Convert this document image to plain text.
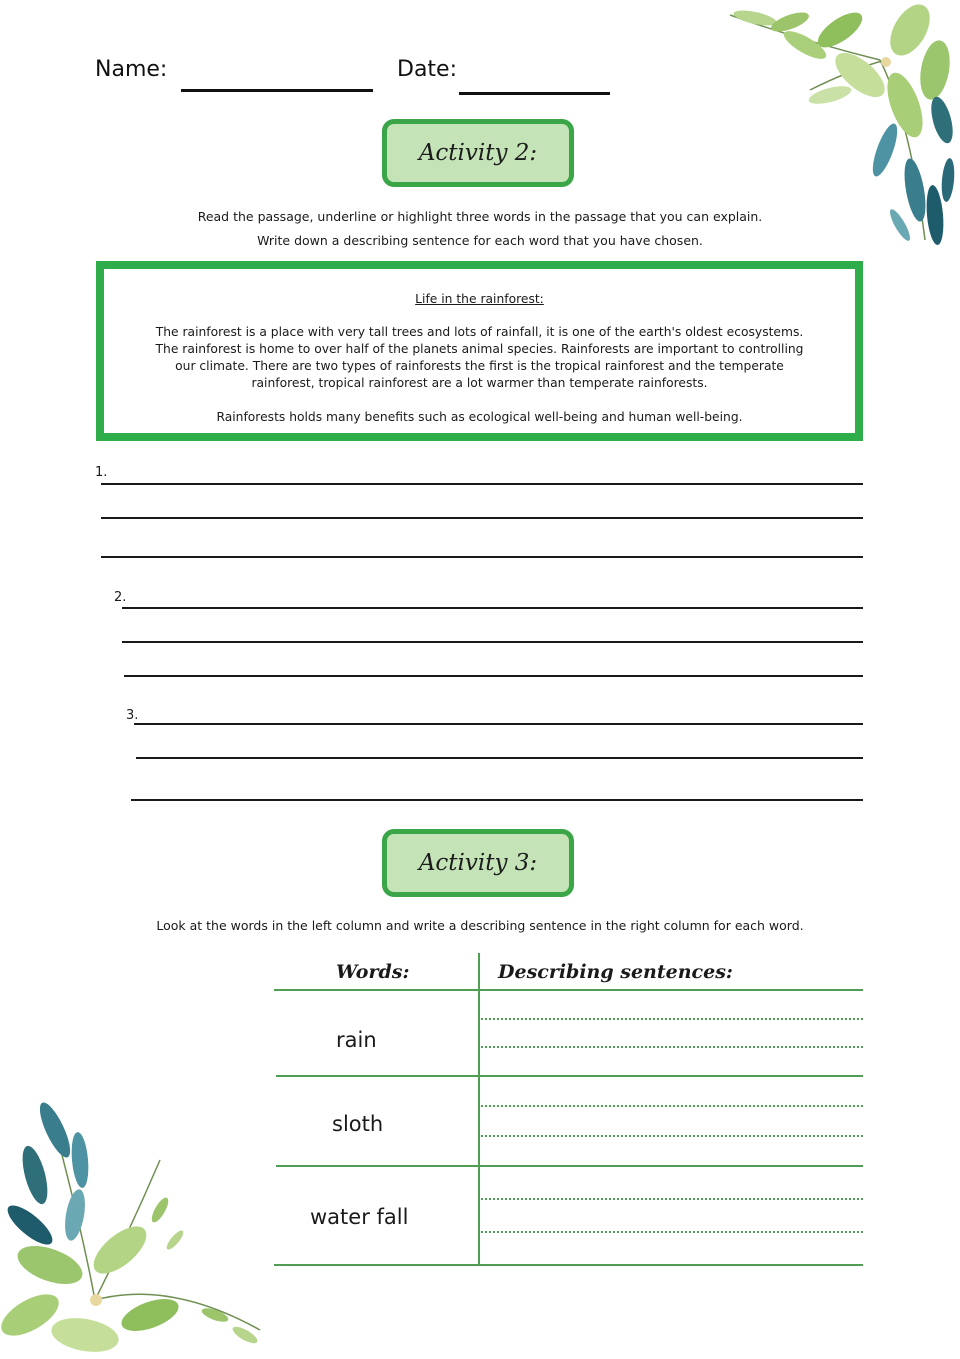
Name:	Date:
Activity 2:
Read the passage, underline or highlight three words in the passage that you can explain.
Write down a describing sentence for each word that you have chosen.
Life in the rainforest:
The rainforest is a place with very tall trees and lots of rainfall, it is one of the earth's oldest ecosystems. The rainforest is home to over half of the planets animal species. Rainforests are important to controlling our climate. There are two types of rainforests the first is the tropical rainforest and the temperate rainforest, tropical rainforest are a lot warmer than temperate rainforests.
Rainforests holds many benefits such as ecological well-being and human well-being.
1.
2.
3.
Activity 3:
Look at the words in the left column and write a describing sentence in the right column for each word.
Words:	Describing sentences:
rain
sloth
water fall
